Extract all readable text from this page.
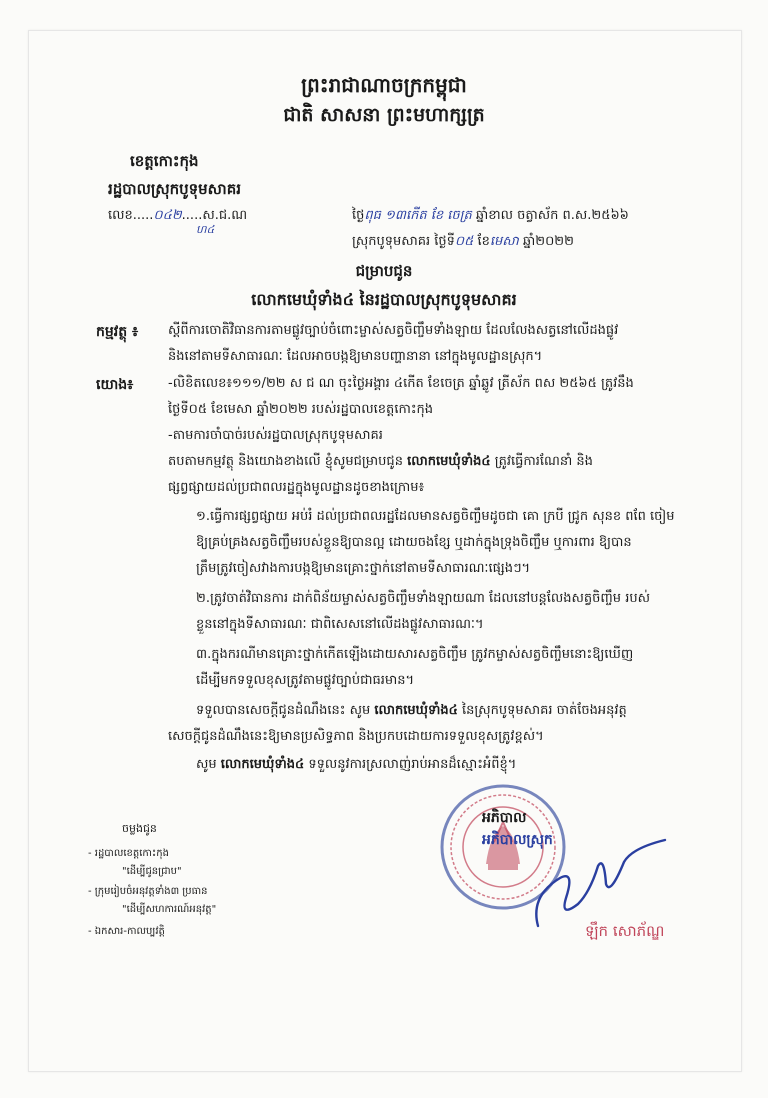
ព្រះរាជាណាចក្រកម្ពុជា
ជាតិ សាសនា ព្រះមហាក្សត្រ
ខេត្តកោះកុង
រដ្ឋបាលស្រុកបូទុមសាគរ
លេខ.....០៤២.....ស.ជ.ណ
ហ៤
ថ្ងៃពុធ ១៣កើត ខែ ចេត្រ ឆ្នាំខាល ចត្វាស័ក ព.ស.២៥៦៦
ស្រុកបូទុមសាគរ ថ្ងៃទី០៥ ខែមេសា ឆ្នាំ២០២២
ជម្រាបជូន
លោកមេឃុំទាំង៤ នៃរដ្ឋបាលស្រុកបូទុមសាគរ
កម្មវត្ថុ ៖ ស្តីពីការចោតិវិធានការតាមផ្លូវច្បាប់ចំពោះម្ចាស់សត្វចិញ្ចឹមទាំងឡាយ ដែលលែងសត្វនៅលើដងផ្លូវ
និងនៅតាមទីសាធារណៈ ដែលអាចបង្កឱ្យមានបញ្ហានានា នៅក្នុងមូលដ្ឋានស្រុក។
យោង៖	-លិខិតលេខ៖១១១/២២ ស ជ ណ ចុះថ្ងៃអង្គារ ៤កើត ខែចេត្រ ឆ្នាំឆ្លូវ ត្រីស័ក ពស ២៥៦៥ ត្រូវនឹង
ថ្ងៃទី០៥ ខែមេសា ឆ្នាំ២០២២ របស់រដ្ឋបាលខេត្តកោះកុង
-តាមការចាំបាច់របស់រដ្ឋបាលស្រុកបូទុមសាគរ
តបតាមកម្មវត្ថុ និងយោងខាងលើ ខ្ញុំសូមជម្រាបជូន លោកមេឃុំទាំង៤ ត្រូវធ្វើការណែនាំ និង
ផ្សព្វផ្សាយដល់ប្រជាពលរដ្ឋក្នុងមូលដ្ឋានដូចខាងក្រោម៖
១.ធ្វើការផ្សព្វផ្សាយ អប់រំ ដល់ប្រជាពលរដ្ឋដែលមានសត្វចិញ្ចឹមដូចជា គោ ក្របី ជ្រូក សុនខ ពពែ ចៀម
ឱ្យគ្រប់គ្រងសត្វចិញ្ចឹមរបស់ខ្លួនឱ្យបានល្អ ដោយចងខ្សែ ឬដាក់ក្នុងទ្រុងចិញ្ចឹម ឬការពារ ឱ្យបាន
ត្រឹមត្រូវចៀសវាងការបង្កឱ្យមានគ្រោះថ្នាក់នៅតាមទីសាធារណៈផ្សេងៗ។
២.ត្រូវចាត់វិធានការ ដាក់ពិន័យម្ចាស់សត្វចិញ្ចឹមទាំងឡាយណា ដែលនៅបន្តលែងសត្វចិញ្ចឹម របស់
ខ្លួននៅក្នុងទីសាធារណៈ ជាពិសេសនៅលើដងផ្លូវសាធារណៈ។
៣.ក្នុងករណីមានគ្រោះថ្នាក់កើតឡើងដោយសារសត្វចិញ្ចឹម ត្រូវកម្ចាស់សត្វចិញ្ចឹមនោះឱ្យឃើញ
ដើម្បីមកទទួលខុសត្រូវតាមផ្លូវច្បាប់ជាធរមាន។
ទទួលបានសេចក្តីជូនដំណឹងនេះ សូម លោកមេឃុំទាំង៤ នៃស្រុកបូទុមសាគរ ចាត់ចែងអនុវត្ត
សេចក្តីជូនដំណឹងនេះឱ្យមានប្រសិទ្ធភាព និងប្រកបដោយការទទួលខុសត្រូវខ្ពស់។
សូម លោកមេឃុំទាំង៤ ទទួលនូវការស្រលាញ់រាប់អានដ៏ស្មោះអំពីខ្ញុំ។
ចម្លងជូន
- រដ្ឋបាលខេត្តកោះកុង
"ដើម្បីជូនជ្រាប"
- ក្រុមរៀបចំអនុវត្តទាំង៣ ប្រធាន
"ដើម្បីសហការណ៍អនុវត្ត"
- ឯកសារ-កាលប្បវត្តិ
អភិបាល
អភិបាលស្រុក
ឡឹក សោភ័ណ្ឌ
